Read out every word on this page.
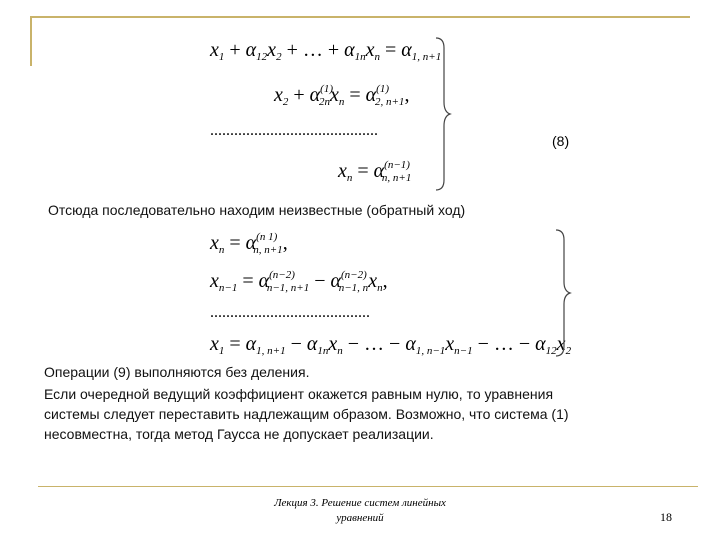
$x_1 + \alpha_{12}x_2$ + … + $\alpha_{1n}x_n = \alpha_{1, n+1}$
$x_2 + \alpha^{(1)}_{2n}x_n = \alpha^{(1)}_{2, n+1}$,
..........................................
$x_n = \alpha^{(n-1)}_{n, n+1}$
(8)
Отсюда последовательно находим неизвестные (обратный ход)
$x_n = \alpha^{(n 1)}_{n, n+1}$,
$x_{n-1} = \alpha^{(n-2)}_{n-1, n+1} - \alpha^{(n-2)}_{n-1, n}x_n$,
........................................
$x_1 = \alpha_{1, n+1} - \alpha_{1n}x_n$ − … − $\alpha_{1, n-1}x_{n-1}$ − … − $\alpha_{12}x_2$
Операции (9) выполняются без деления.
Если очередной ведущий коэффициент окажется равным нулю, то уравнения
системы следует переставить надлежащим образом. Возможно, что система (1)
несовместна, тогда метод Гаусса не допускает реализации.
Лекция 3. Решение систем линейных
уравнений	18
